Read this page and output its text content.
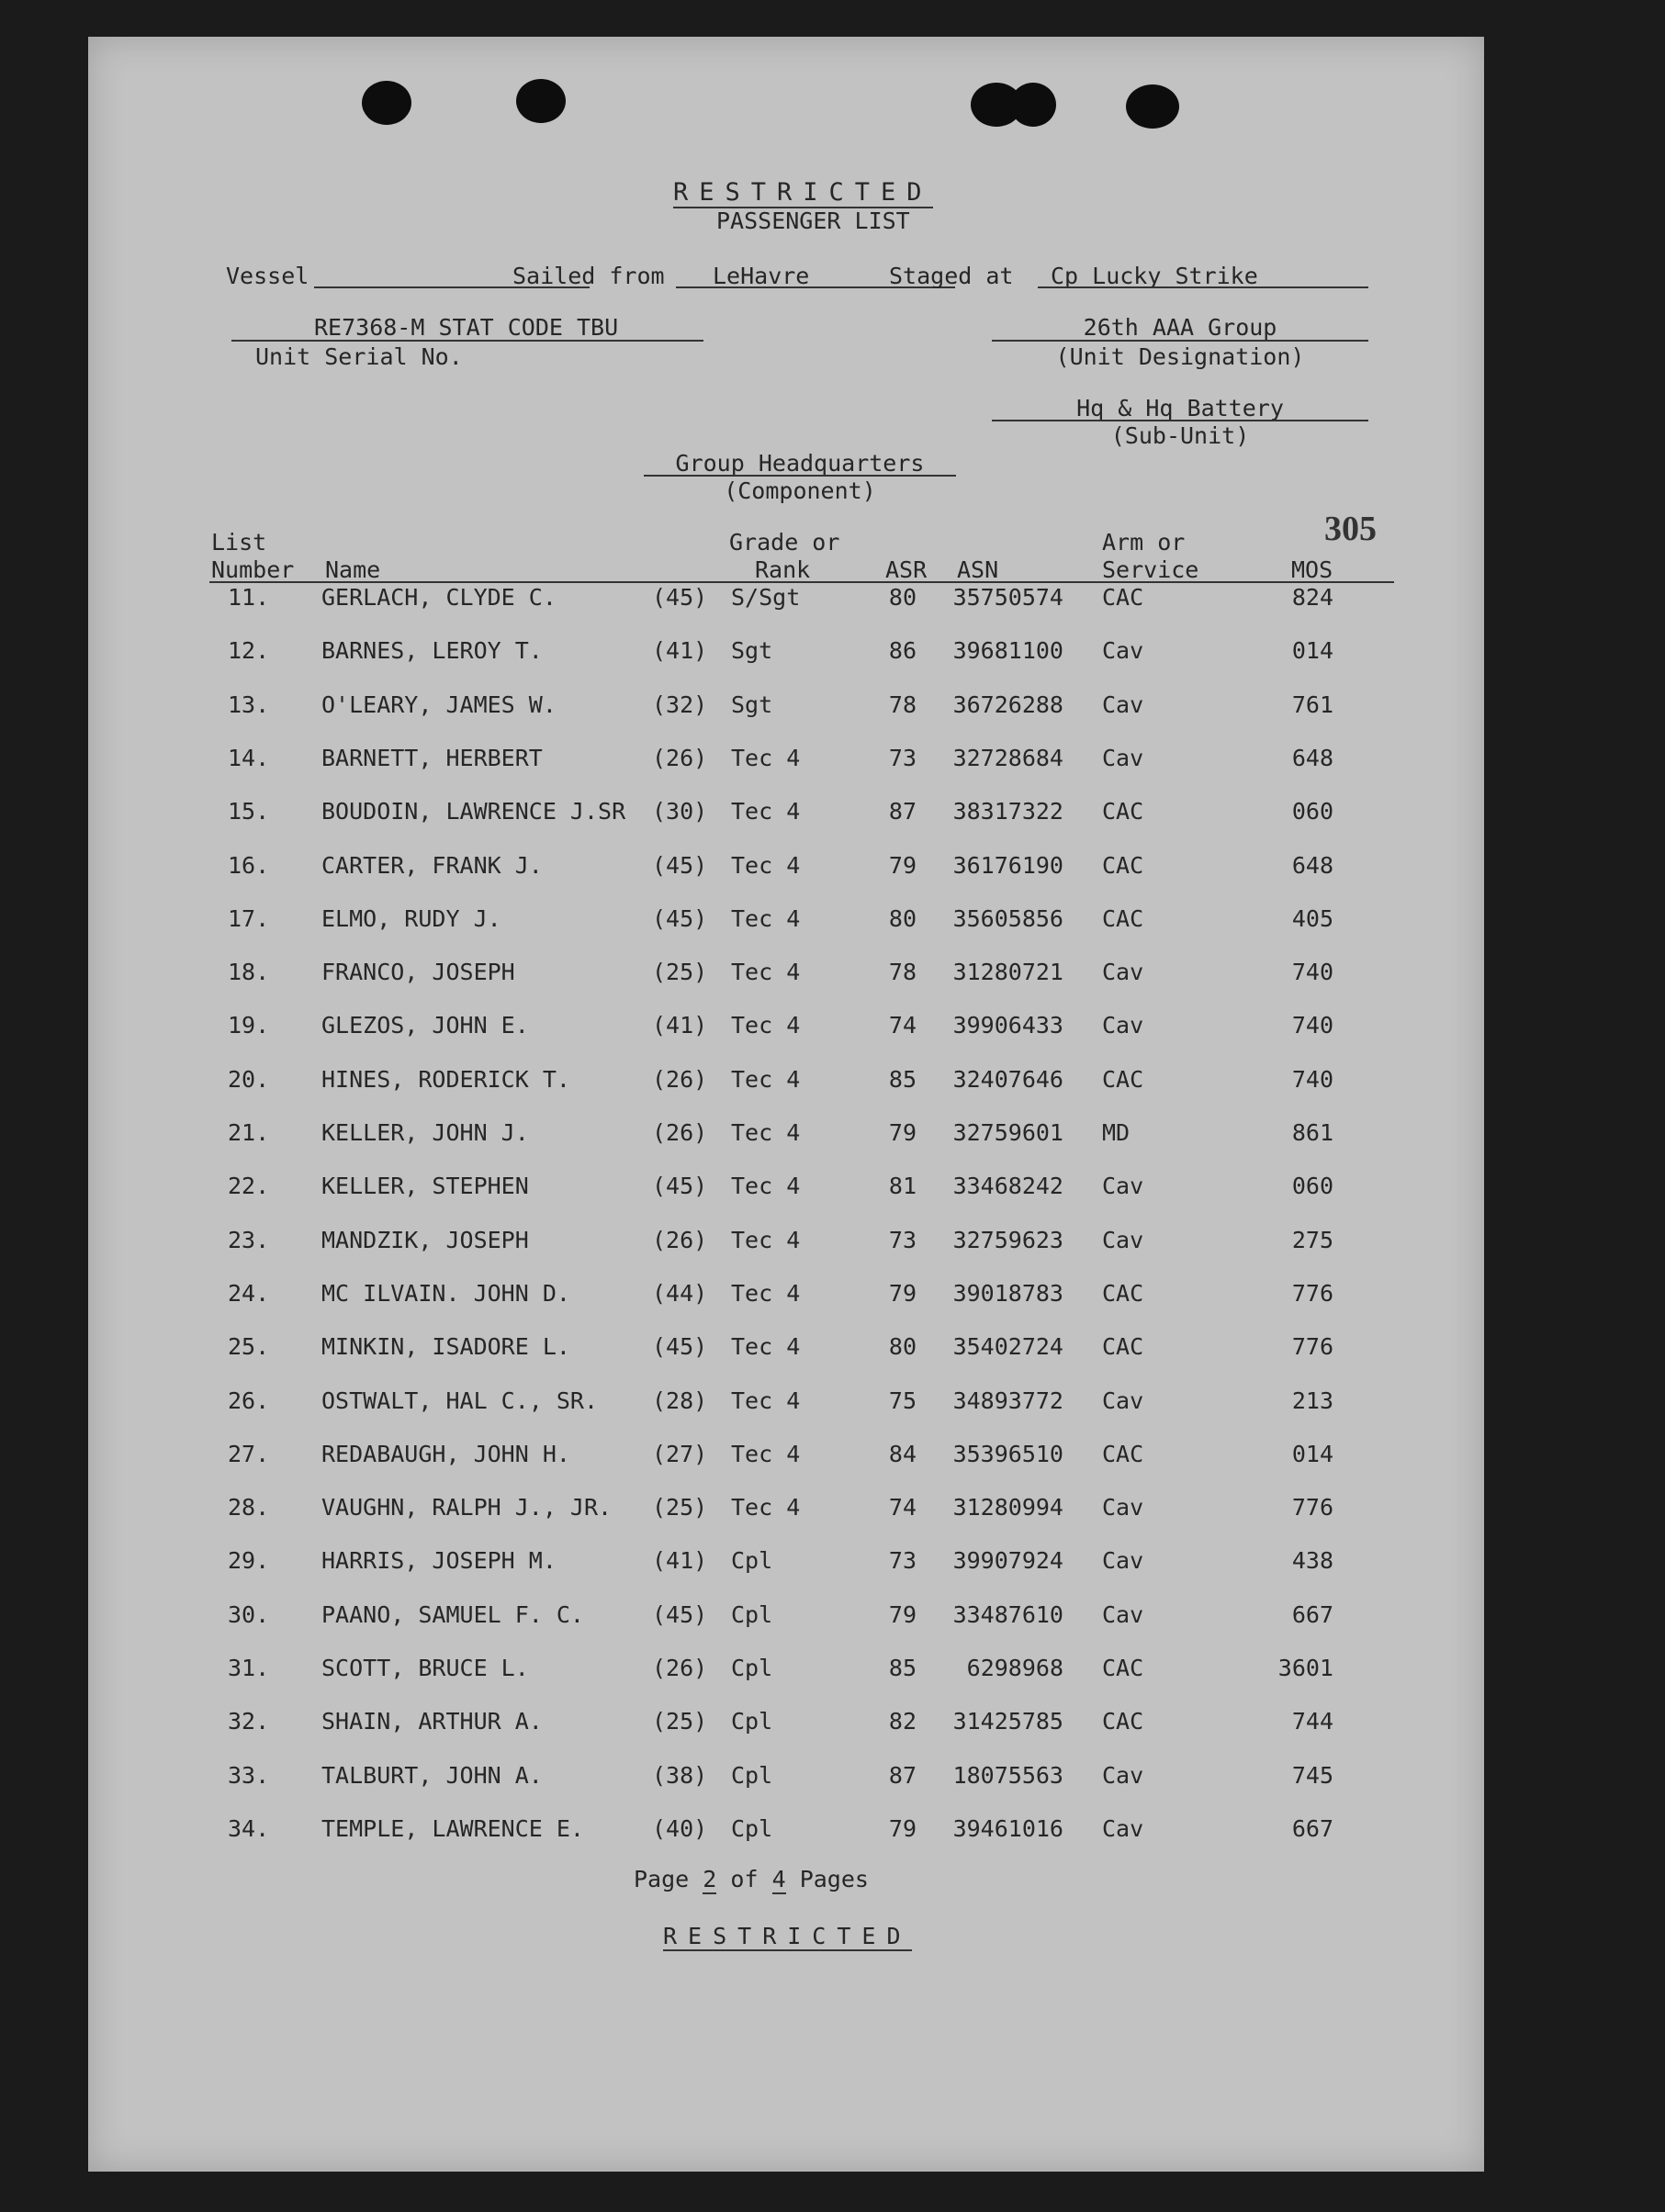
RESTRICTED
PASSENGER LIST
Vessel	Sailed from LeHavre	Staged at Cp Lucky Strike
RE7368-M STAT CODE TBU
Unit Serial No.
26th AAA Group
(Unit Designation)
Hq & Hq Battery
(Sub-Unit)
Group Headquarters
(Component)
305
List
Number Name
Grade or
Rank	ASR ASN
Arm or
Service	MOS
11. GERLACH, CLYDE C.	(45) S/Sgt	80	35750574 CAC	824
12. BARNES, LEROY T.	(41) Sgt	86	39681100 Cav	014
13. O'LEARY, JAMES W.	(32) Sgt	78	36726288 Cav	761
14. BARNETT, HERBERT	(26) Tec 4	73	32728684 Cav	648
15. BOUDOIN, LAWRENCE J.SR (30) Tec 4	87	38317322 CAC	060
16. CARTER, FRANK J.	(45) Tec 4	79	36176190 CAC	648
17. ELMO, RUDY J.	(45) Tec 4	80	35605856 CAC	405
18. FRANCO, JOSEPH	(25) Tec 4	78	31280721 Cav	740
19. GLEZOS, JOHN E.	(41) Tec 4	74	39906433 Cav	740
20. HINES, RODERICK T.	(26) Tec 4	85	32407646 CAC	740
21. KELLER, JOHN J.	(26) Tec 4	79	32759601 MD	861
22. KELLER, STEPHEN	(45) Tec 4	81	33468242 Cav	060
23. MANDZIK, JOSEPH	(26) Tec 4	73	32759623 Cav	275
24. MC ILVAIN. JOHN D.	(44) Tec 4	79	39018783 CAC	776
25. MINKIN, ISADORE L.	(45) Tec 4	80	35402724 CAC	776
26. OSTWALT, HAL C., SR. (28) Tec 4	75	34893772 Cav	213
27. REDABAUGH, JOHN H.	(27) Tec 4	84	35396510 CAC	014
28. VAUGHN, RALPH J., JR. (25) Tec 4	74	31280994 Cav	776
29. HARRIS, JOSEPH M.	(41) Cpl	73	39907924 Cav	438
30. PAANO, SAMUEL F. C.	(45) Cpl	79	33487610 Cav	667
31. SCOTT, BRUCE L.	(26) Cpl	85	6298968 CAC	3601
32. SHAIN, ARTHUR A.	(25) Cpl	82	31425785 CAC	744
33. TALBURT, JOHN A.	(38) Cpl	87	18075563 Cav	745
34. TEMPLE, LAWRENCE E.	(40) Cpl	79	39461016 Cav	667
Page 2 of 4 Pages
RESTRICTED
